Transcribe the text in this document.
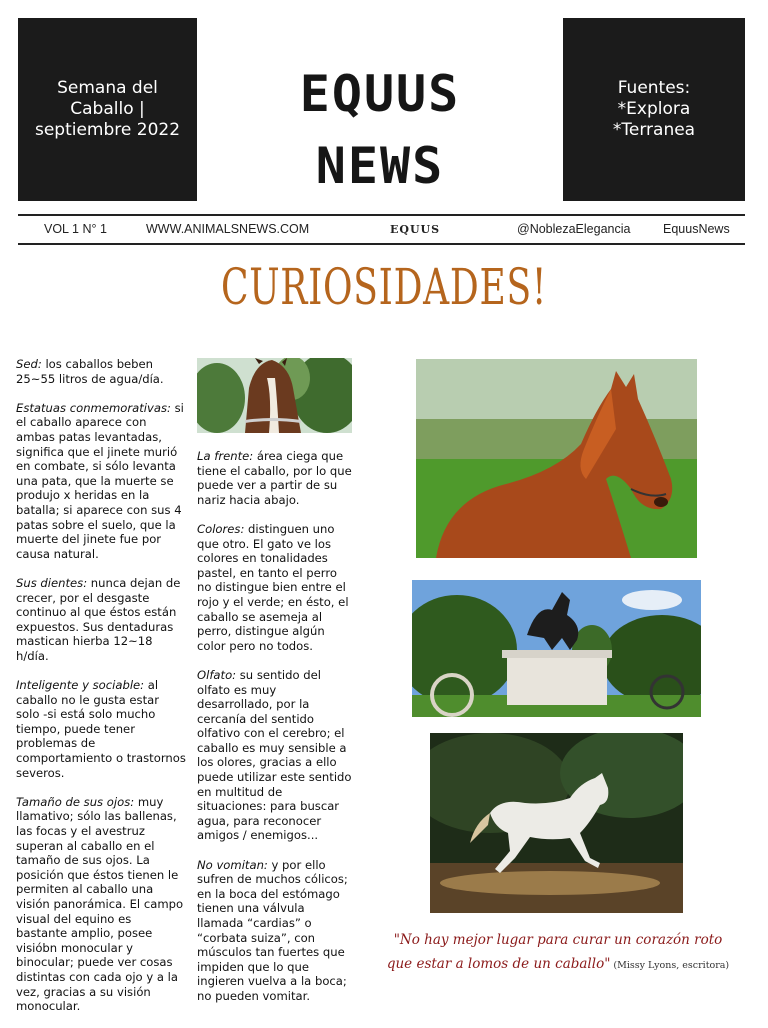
Semana del
Caballo |
septiembre 2022
EQUUS
NEWS
Fuentes:
*Explora
*Terranea
VOL 1 N° 1	WWW.ANIMALSNEWS.COM	EQUUS	@NoblezaElegancia	EquusNews
CURIOSIDADES!

Sed: los caballos beben 25~55 litros de agua/día.

Estatuas conmemorativas: si el caballo aparece con ambas patas levantadas, significa que el jinete murió en combate, si sólo levanta una pata, que la muerte se produjo x heridas en la batalla; si aparece con sus 4 patas sobre el suelo, que la muerte del jinete fue por causa natural.

Sus dientes: nunca dejan de crecer, por el desgaste continuo al que éstos están expuestos. Sus dentaduras mastican hierba 12~18 h/día.

Inteligente y sociable: al caballo no le gusta estar solo -si está solo mucho tiempo, puede tener problemas de comportamiento o trastornos severos.

Tamaño de sus ojos: muy llamativo; sólo las ballenas, las focas y el avestruz superan al caballo en el tamaño de sus ojos. La posición que éstos tienen le permiten al caballo una visión panorámica. El campo visual del equino es bastante amplio, posee visióbn monocular y binocular; puede ver cosas distintas con cada ojo y a la vez, gracias a su visión monocular.

La frente: área ciega que tiene el caballo, por lo que puede ver a partir de su nariz hacia abajo.

Colores: distinguen uno que otro. El gato ve los colores en tonalidades pastel, en tanto el perro no distingue bien entre el rojo y el verde; en ésto, el caballo se asemeja al perro, distingue algún color pero no todos.

Olfato: su sentido del olfato es muy desarrollado, por la cercanía del sentido olfativo con el cerebro; el caballo es muy sensible a los olores, gracias a ello puede utilizar este sentido en multitud de situaciones: para buscar agua, para reconocer amigos / enemigos...

No vomitan: y por ello sufren de muchos cólicos; en la boca del estómago tienen una válvula llamada “cardias” o “corbata suiza”, con músculos tan fuertes que impiden que lo que ingieren vuelva a la boca; no pueden vomitar.

"No hay mejor lugar para curar un corazón roto
que estar a lomos de un caballo" (Missy Lyons, escritora)
